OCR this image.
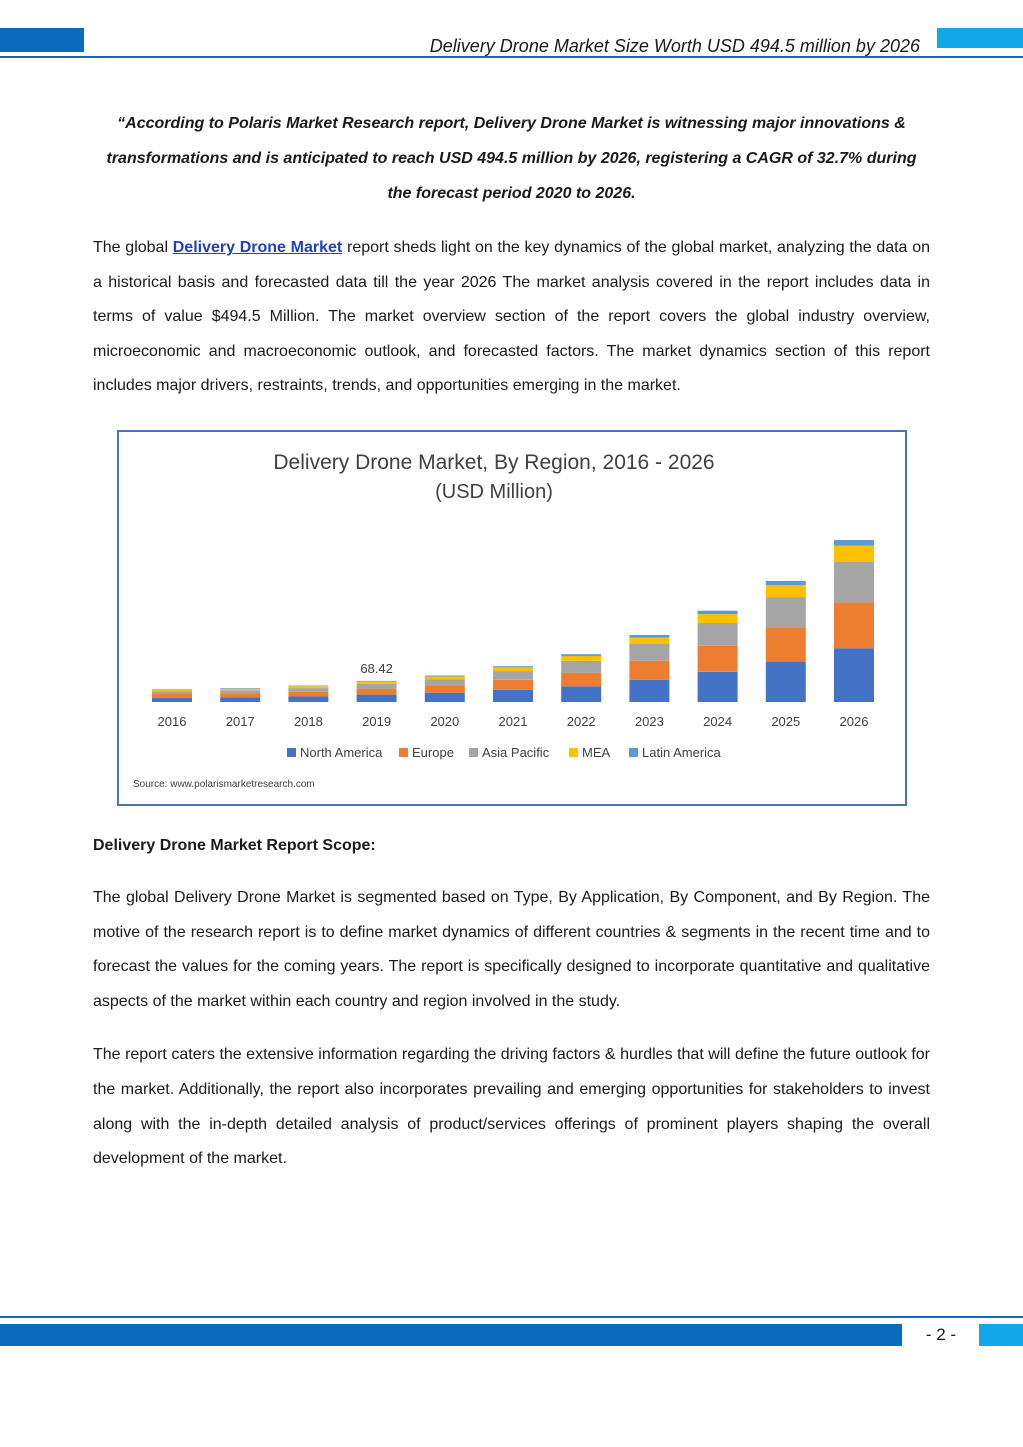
Delivery Drone Market Size Worth USD 494.5 million by 2026

“According to Polaris Market Research report, Delivery Drone Market is witnessing major innovations & transformations and is anticipated to reach USD 494.5 million by 2026, registering a CAGR of 32.7% during the forecast period 2020 to 2026.

The global Delivery Drone Market report sheds light on the key dynamics of the global market, analyzing the data on a historical basis and forecasted data till the year 2026 The market analysis covered in the report includes data in terms of value $494.5 Million. The market overview section of the report covers the global industry overview, microeconomic and macroeconomic outlook, and forecasted factors. The market dynamics section of this report includes major drivers, restraints, trends, and opportunities emerging in the market.

Delivery Drone Market, By Region, 2016 - 2026
(USD Million)
2016	2017	2018	2019	2020	2021	2022	2023	2024	2025	2026
68.42
North America Europe Asia Pacific	MEA Latin America
Source: www.polarismarketresearch.com
Delivery Drone Market Report Scope:

The global Delivery Drone Market is segmented based on Type, By Application, By Component, and By Region. The motive of the research report is to define market dynamics of different countries & segments in the recent time and to forecast the values for the coming years. The report is specifically designed to incorporate quantitative and qualitative aspects of the market within each country and region involved in the study.

The report caters the extensive information regarding the driving factors & hurdles that will define the future outlook for the market. Additionally, the report also incorporates prevailing and emerging opportunities for stakeholders to invest along with the in-depth detailed analysis of product/services offerings of prominent players shaping the overall development of the market.

- 2 -
